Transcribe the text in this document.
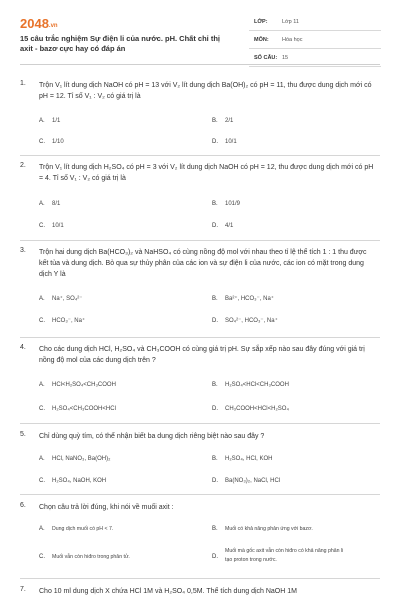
2048.vn
15 câu trắc nghiệm Sự điện li của nước. pH. Chất chỉ thị axit - bazơ cực hay có đáp án
LỚP:	Lớp 11
MÔN: Hóa học
SỐ CÂU: 15
1. Trộn V₁ lít dung dịch NaOH có pH = 13 với V₂ lít dung dịch Ba(OH)₂ có pH = 11, thu được dung dịch mới có pH = 12. Tỉ số V₁ : V₂ có giá trị là
A. 1/1	B. 2/1
C. 1/10	D. 10/1
2. Trộn V₁ lít dung dịch H₂SO₄ có pH = 3 với V₂ lít dung dịch NaOH có pH = 12, thu được dung dịch mới có pH = 4. Tỉ số V₁ : V₂ có giá trị là
A. 8/1	B. 101/9
C. 10/1	D. 4/1
3. Trộn hai dung dịch Ba(HCO₃)₂ và NaHSO₄ có cùng nồng độ mol với nhau theo tỉ lệ thể tích 1 : 1 thu được kết tủa và dung dịch. Bỏ qua sự thủy phân của các ion và sự điện li của nước, các ion có mặt trong dung dịch Y là
A. Na⁺, SO₄²⁻	B. Ba²⁺, HCO₃⁻, Na⁺
C. HCO₃⁻, Na⁺	D. SO₄²⁻, HCO₃⁻, Na⁺
4. Cho các dung dịch HCl, H₂SO₄ và CH₃COOH có cùng giá trị pH. Sự sắp xếp nào sau đây đúng với giá trị nồng độ mol của các dung dịch trên ?
A. HCl<H₂SO₄<CH₃COOH	B. H₂SO₄<HCl<CH₃COOH
C. H₂SO₄<CH₃COOH<HCl	D. CH₃COOH<HCl<H₂SO₄
5. Chỉ dùng quỳ tím, có thể nhận biết ba dung dịch riêng biệt nào sau đây ?
A. HCl, NaNO₃, Ba(OH)₂	B. H₂SO₄, HCl, KOH
C. H₂SO₄, NaOH, KOH	D. Ba(NO₃)₂, NaCl, HCl
6. Chọn câu trả lời đúng, khi nói về muối axit :
A. Dung dịch muối có pH < 7.	B. Muối có khả năng phản ứng với bazơ.
C. Muối vẫn còn hiđro trong phân tử.	D.
Muối mà gốc axit vẫn còn hiđro có khả năng phân li tạo proton trong nước.
7. Cho 10 ml dung dịch X chứa HCl 1M và H₂SO₄ 0,5M. Thể tích dung dịch NaOH 1M
